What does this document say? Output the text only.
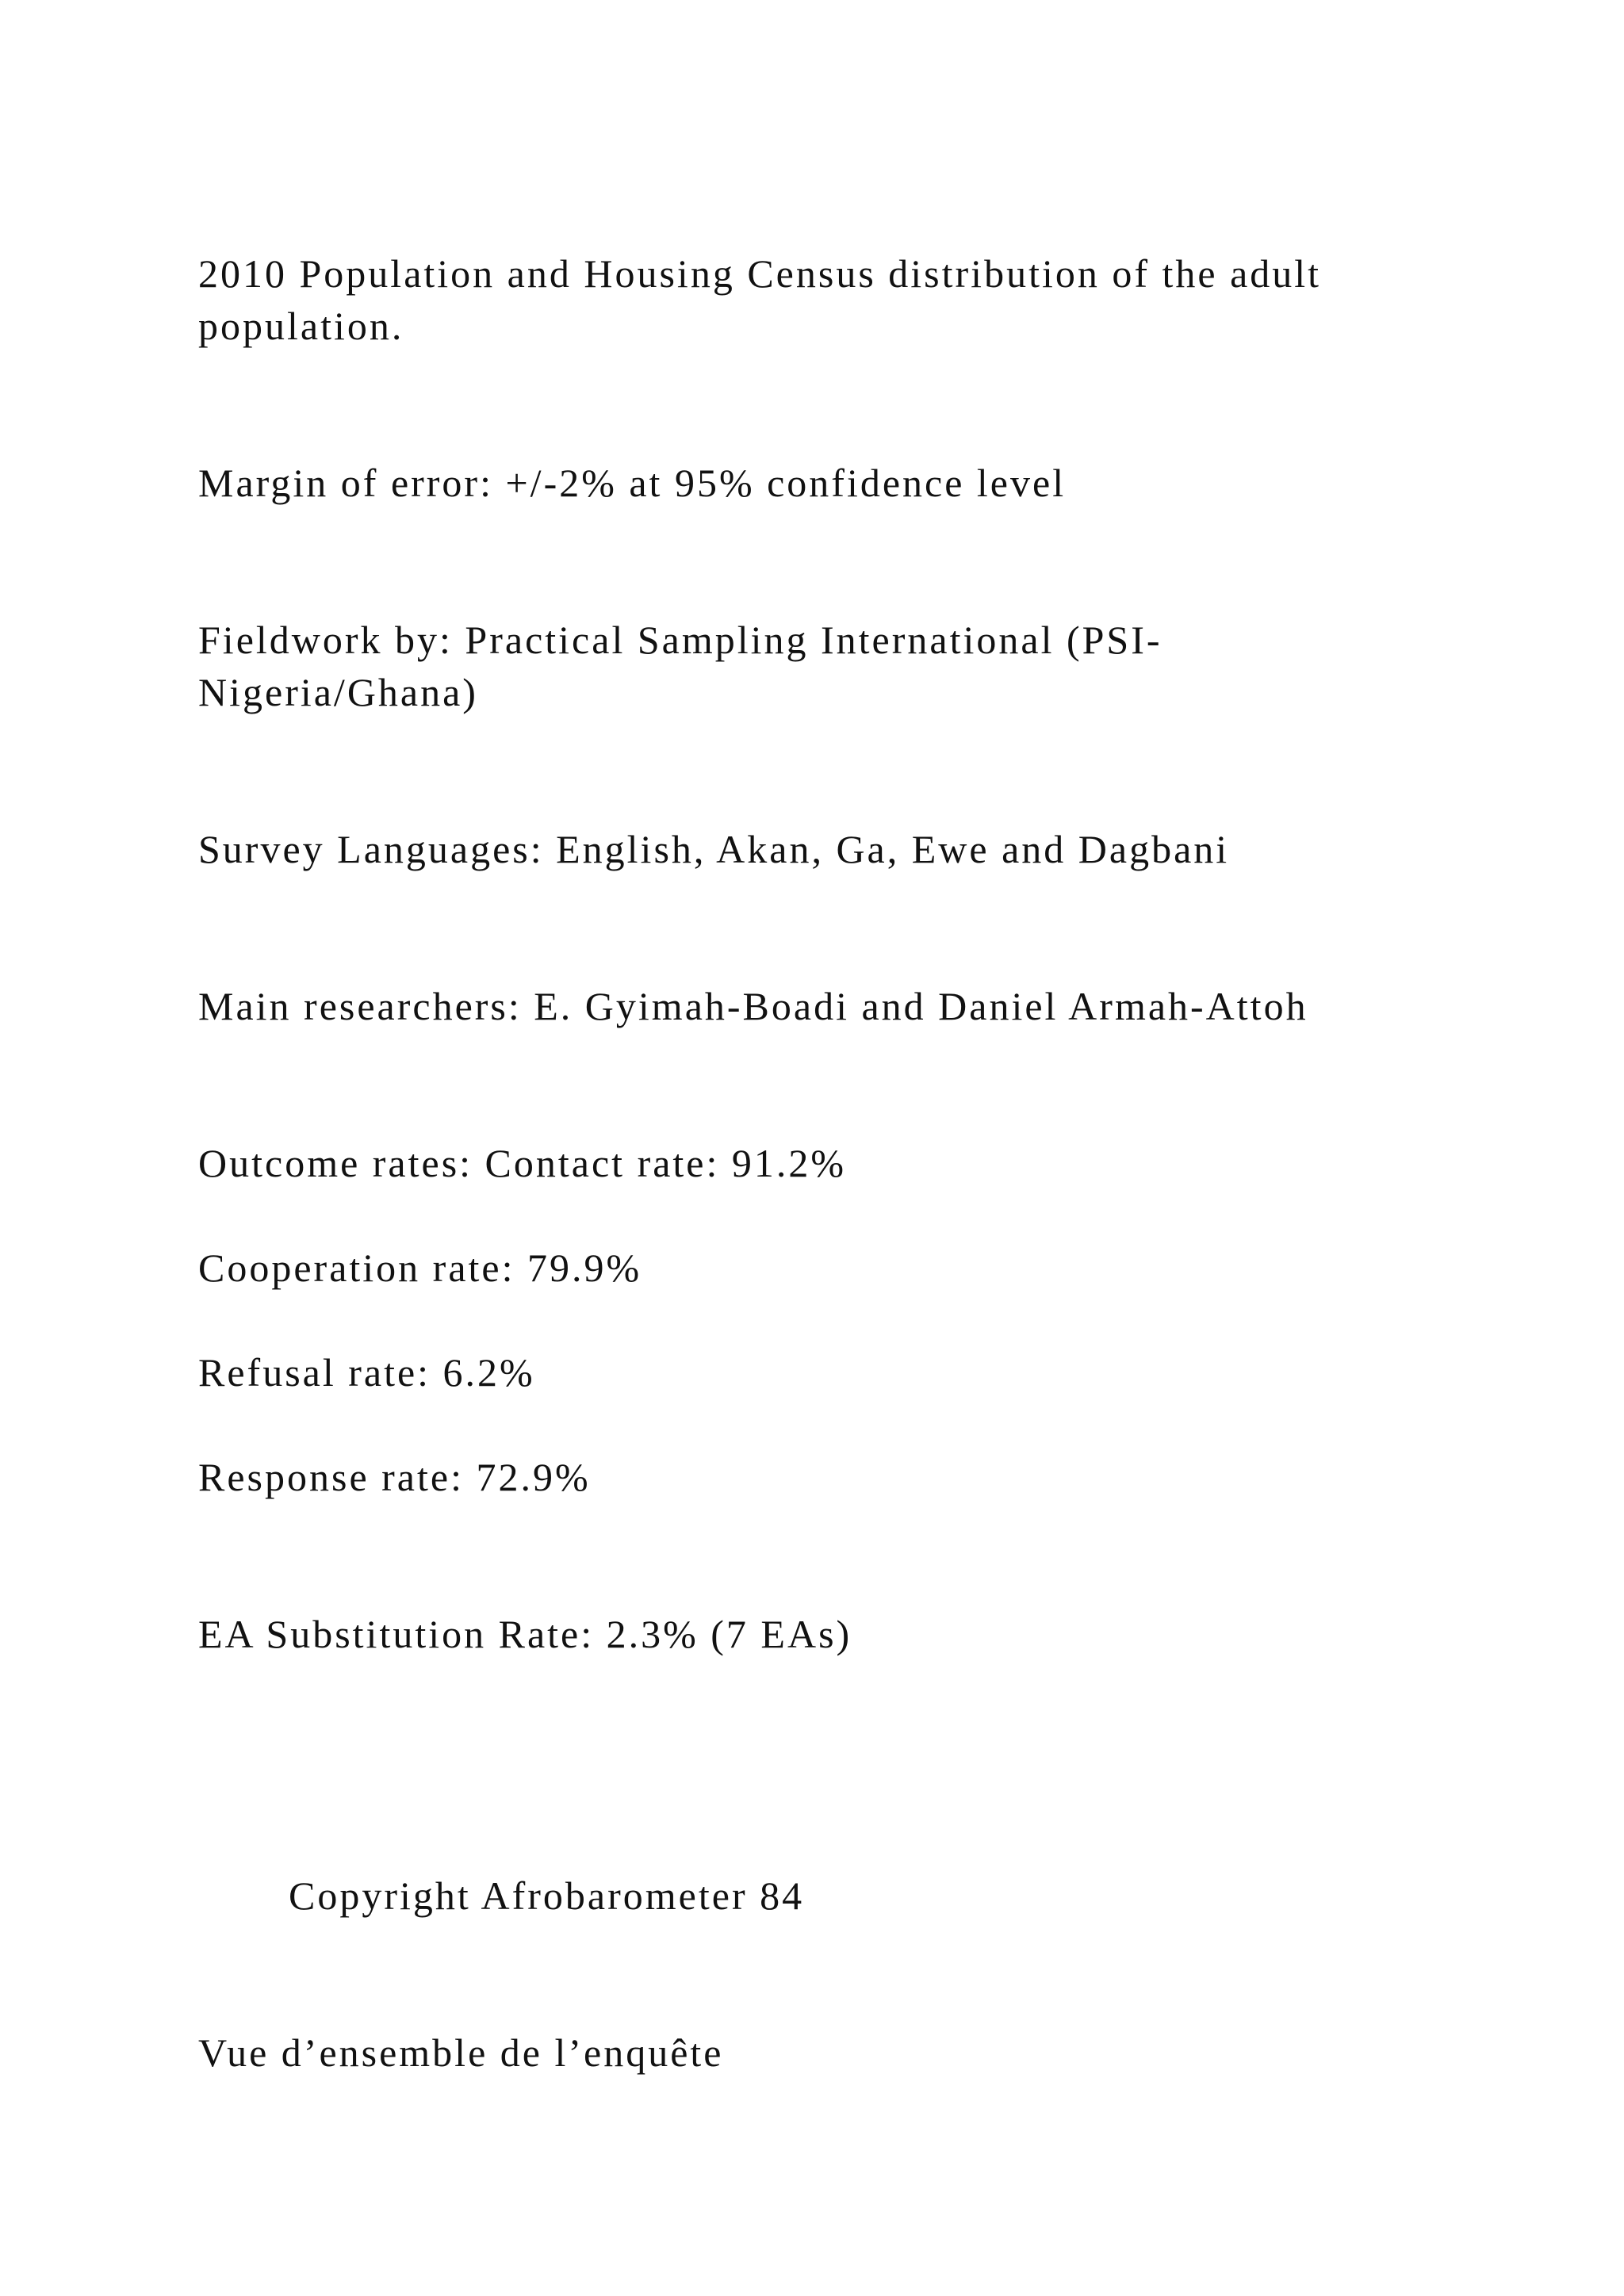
2010 Population and Housing Census distribution of the adult
population.
Margin of error: +/-2% at 95% confidence level
Fieldwork by: Practical Sampling International (PSI-
Nigeria/Ghana)
Survey Languages: English, Akan, Ga, Ewe and Dagbani
Main researchers: E. Gyimah-Boadi and Daniel Armah-Attoh
Outcome rates: Contact rate: 91.2%
Cooperation rate: 79.9%
Refusal rate: 6.2%
Response rate: 72.9%
EA Substitution Rate: 2.3% (7 EAs)
Copyright Afrobarometer 84
Vue d’ensemble de l’enquête
